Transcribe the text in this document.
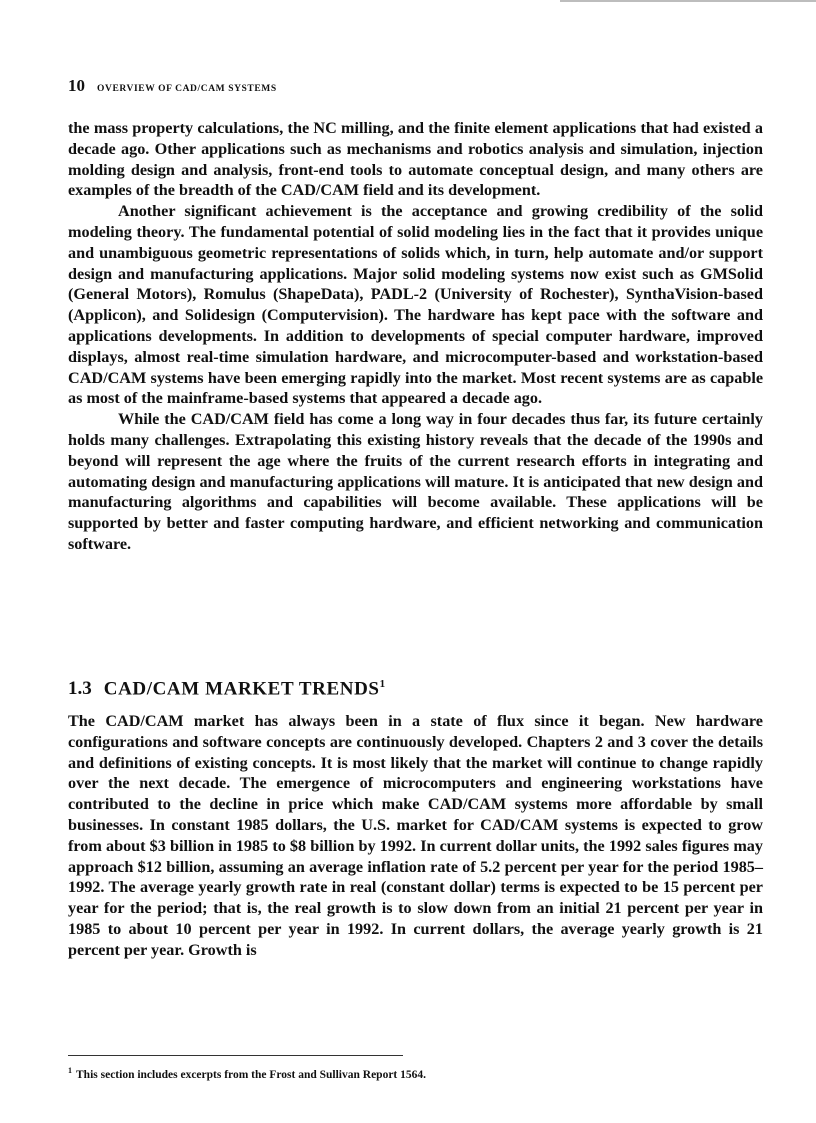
10 OVERVIEW OF CAD/CAM SYSTEMS

the mass property calculations, the NC milling, and the finite element applications that had existed a decade ago. Other applications such as mechanisms and robotics analysis and simulation, injection molding design and analysis, front-end tools to automate conceptual design, and many others are examples of the breadth of the CAD/CAM field and its development.

Another significant achievement is the acceptance and growing credibility of the solid modeling theory. The fundamental potential of solid modeling lies in the fact that it provides unique and unambiguous geometric representations of solids which, in turn, help automate and/or support design and manufacturing applications. Major solid modeling systems now exist such as GMSolid (General Motors), Romulus (ShapeData), PADL-2 (University of Rochester), SynthaVision-based (Applicon), and Solidesign (Computervision). The hardware has kept pace with the software and applications developments. In addition to developments of special computer hardware, improved displays, almost real-time simulation hardware, and microcomputer-based and workstation-based CAD/CAM systems have been emerging rapidly into the market. Most recent systems are as capable as most of the mainframe-based systems that appeared a decade ago.

While the CAD/CAM field has come a long way in four decades thus far, its future certainly holds many challenges. Extrapolating this existing history reveals that the decade of the 1990s and beyond will represent the age where the fruits of the current research efforts in integrating and automating design and manufacturing applications will mature. It is anticipated that new design and manufacturing algorithms and capabilities will become available. These applications will be supported by better and faster computing hardware, and efficient networking and communication software.

1.3 CAD/CAM MARKET TRENDS$^1$

The CAD/CAM market has always been in a state of flux since it began. New hardware configurations and software concepts are continuously developed. Chapters 2 and 3 cover the details and definitions of existing concepts. It is most likely that the market will continue to change rapidly over the next decade. The emergence of microcomputers and engineering workstations have contributed to the decline in price which make CAD/CAM systems more affordable by small businesses. In constant 1985 dollars, the U.S. market for CAD/CAM systems is expected to grow from about $3 billion in 1985 to $8 billion by 1992. In current dollar units, the 1992 sales figures may approach $12 billion, assuming an average inflation rate of 5.2 percent per year for the period 1985–1992. The average yearly growth rate in real (constant dollar) terms is expected to be 15 percent per year for the period; that is, the real growth is to slow down from an initial 21 percent per year in 1985 to about 10 percent per year in 1992. In current dollars, the average yearly growth is 21 percent per year. Growth is

$^1$ This section includes excerpts from the Frost and Sullivan Report 1564.
